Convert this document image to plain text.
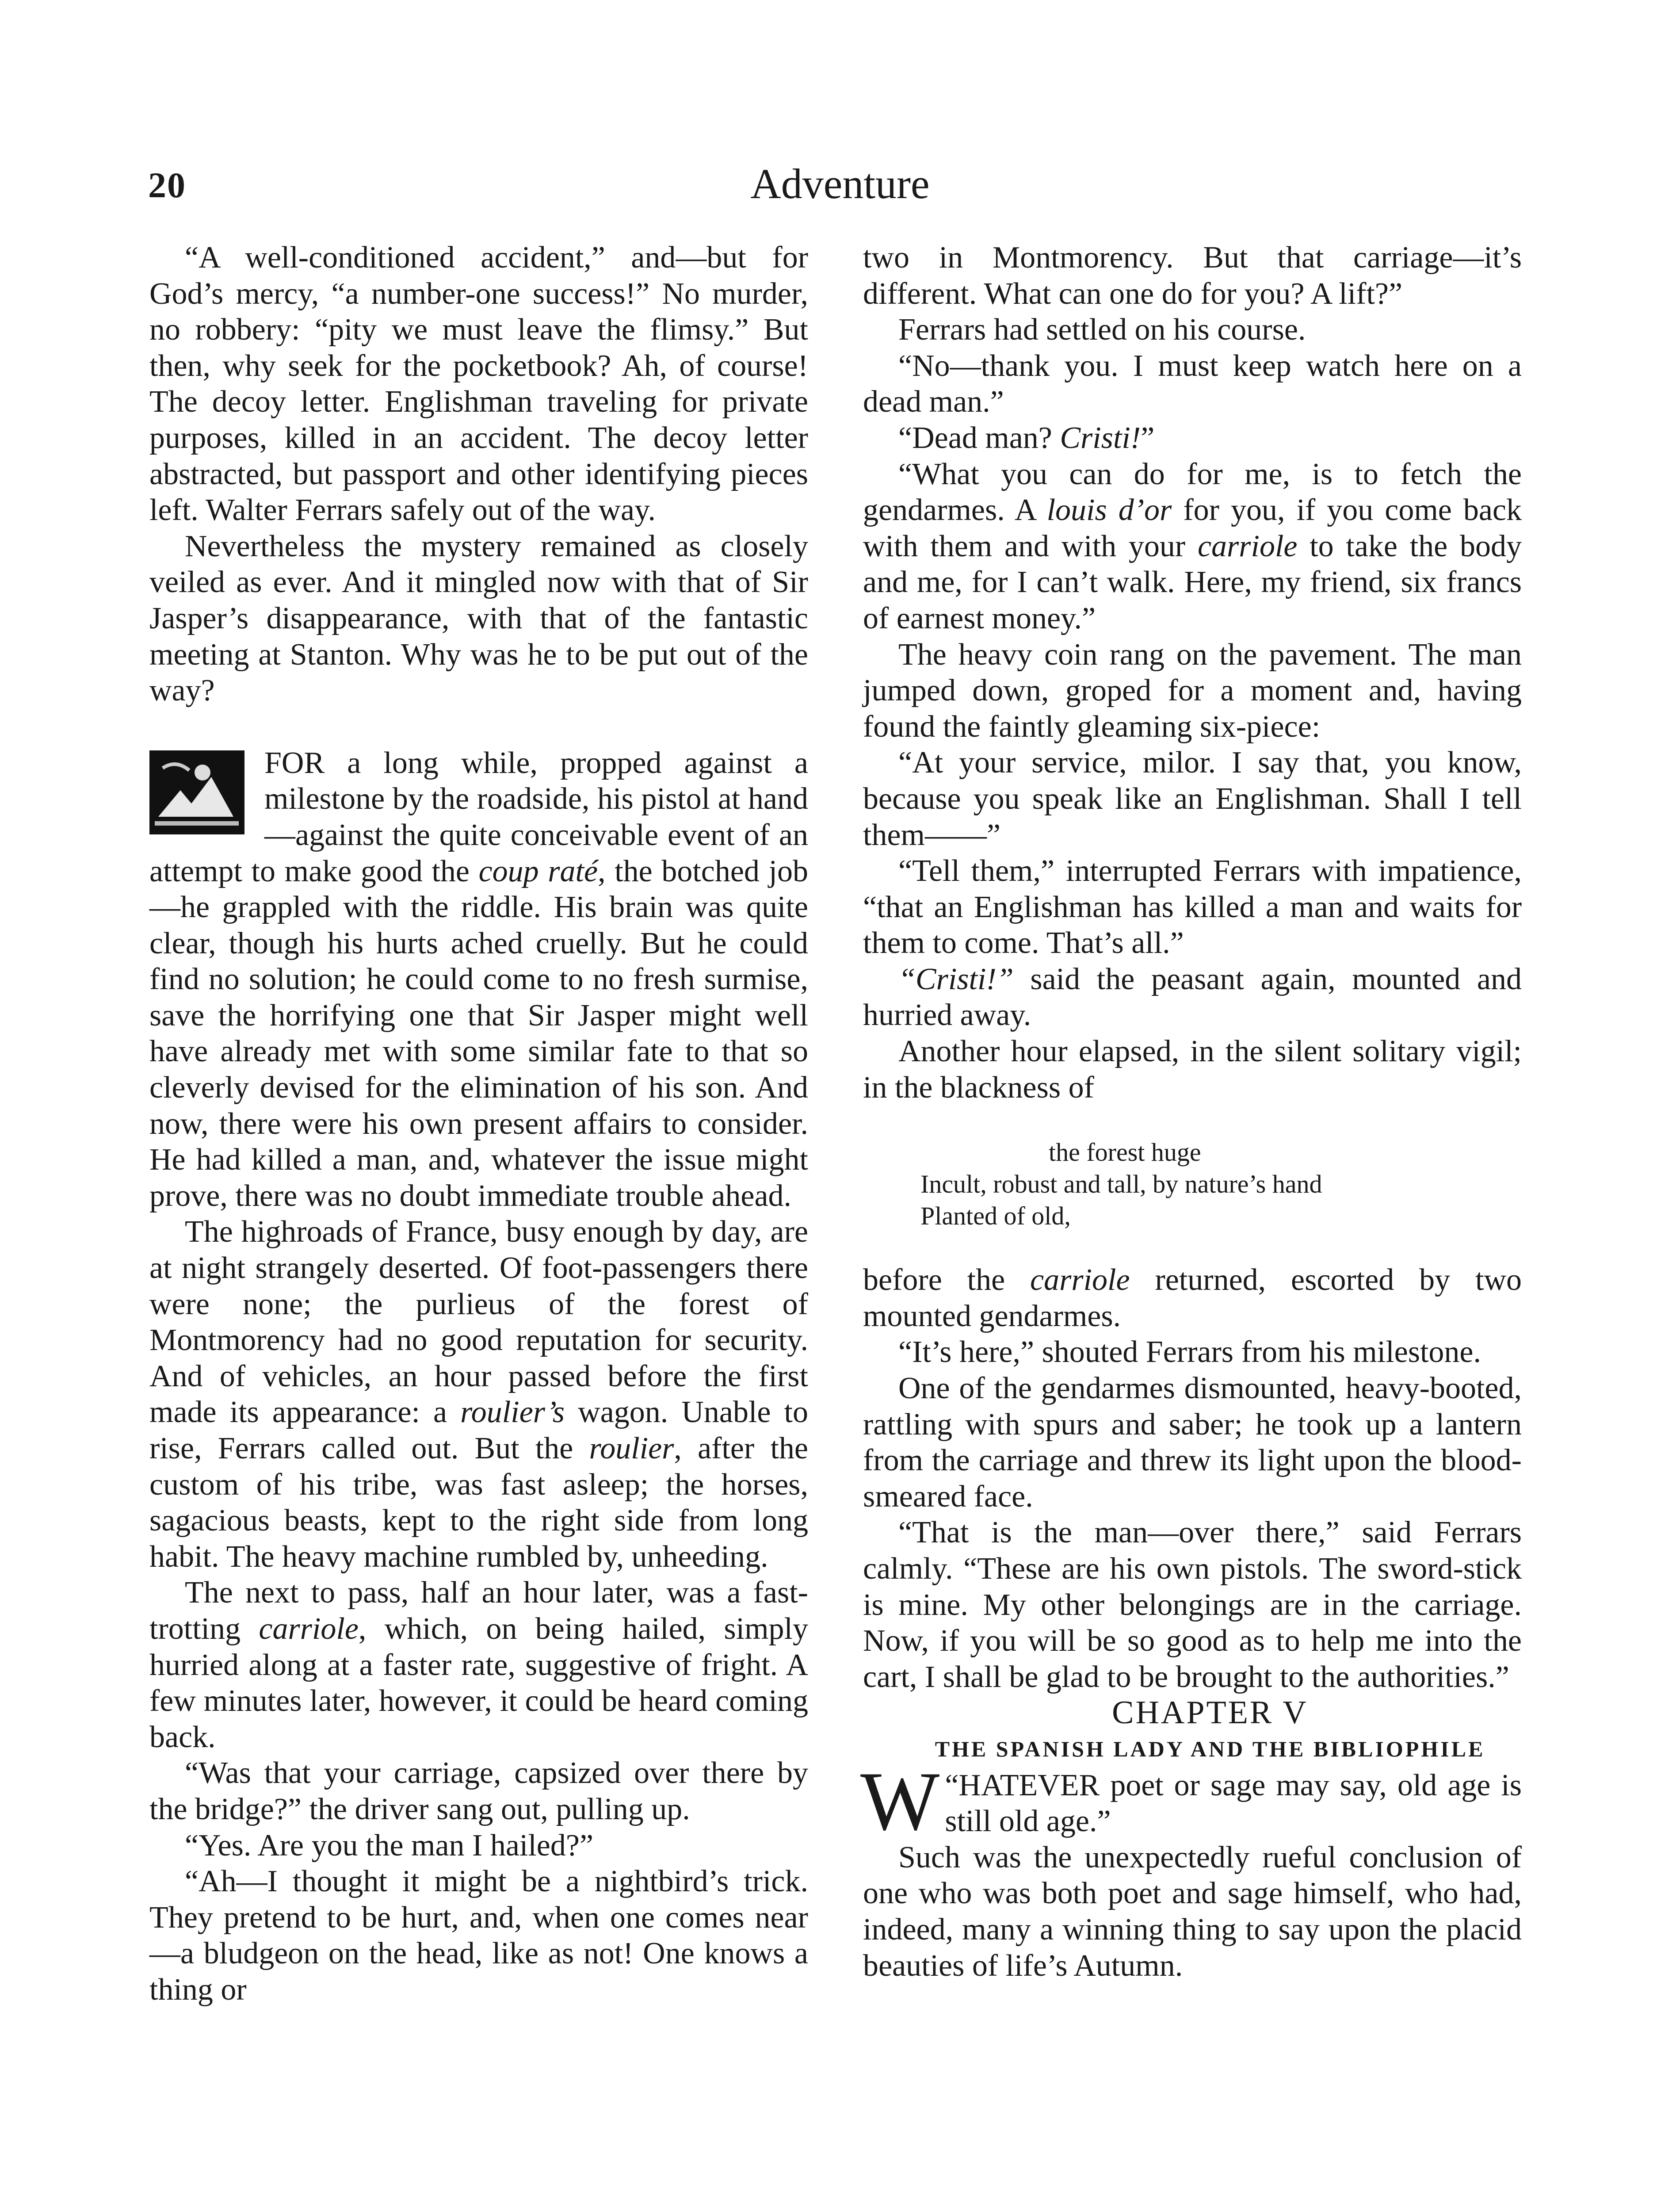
20	Adventure

“A well-conditioned accident,” and—but for God’s mercy, “a number-one success!” No murder, no robbery: “pity we must leave the flimsy.” But then, why seek for the pocketbook? Ah, of course! The decoy letter. Englishman traveling for private purposes, killed in an accident. The decoy letter abstracted, but passport and other identifying pieces left. Walter Ferrars safely out of the way.

Nevertheless the mystery remained as closely veiled as ever. And it mingled now with that of Sir Jasper’s disappearance, with that of the fantastic meeting at Stanton. Why was he to be put out of the way?

FOR a long while, propped against a milestone by the roadside, his pistol at hand—against the quite conceivable event of an attempt to make good the coup raté, the botched job—he grappled with the riddle. His brain was quite clear, though his hurts ached cruelly. But he could find no solution; he could come to no fresh surmise, save the horrifying one that Sir Jasper might well have already met with some similar fate to that so cleverly devised for the elimination of his son. And now, there were his own present affairs to consider. He had killed a man, and, whatever the issue might prove, there was no doubt immediate trouble ahead.

The highroads of France, busy enough by day, are at night strangely deserted. Of foot-passengers there were none; the purlieus of the forest of Montmorency had no good reputation for security. And of vehicles, an hour passed before the first made its appearance: a roulier’s wagon. Unable to rise, Ferrars called out. But the roulier, after the custom of his tribe, was fast asleep; the horses, sagacious beasts, kept to the right side from long habit. The heavy machine rumbled by, unheeding.

The next to pass, half an hour later, was a fast-trotting carriole, which, on being hailed, simply hurried along at a faster rate, suggestive of fright. A few minutes later, however, it could be heard coming back.

“Was that your carriage, capsized over there by the bridge?” the driver sang out, pulling up.

“Yes. Are you the man I hailed?”

“Ah—I thought it might be a nightbird’s trick. They pretend to be hurt, and, when one comes near—a bludgeon on the head, like as not! One knows a thing or

two in Montmorency. But that carriage—it’s different. What can one do for you? A lift?”

Ferrars had settled on his course.

“No—thank you. I must keep watch here on a dead man.”

“Dead man? Cristi!”

“What you can do for me, is to fetch the gendarmes. A louis d’or for you, if you come back with them and with your carriole to take the body and me, for I can’t walk. Here, my friend, six francs of earnest money.”

The heavy coin rang on the pavement. The man jumped down, groped for a moment and, having found the faintly gleaming six-piece:

“At your service, milor. I say that, you know, because you speak like an Englishman. Shall I tell them——”

“Tell them,” interrupted Ferrars with impatience, “that an Englishman has killed a man and waits for them to come. That’s all.”

“Cristi!” said the peasant again, mounted and hurried away.

Another hour elapsed, in the silent solitary vigil; in the blackness of

the forest huge
Incult, robust and tall, by nature’s hand
Planted of old,

before the carriole returned, escorted by two mounted gendarmes.

“It’s here,” shouted Ferrars from his milestone.

One of the gendarmes dismounted, heavy-booted, rattling with spurs and saber; he took up a lantern from the carriage and threw its light upon the blood-smeared face.

“That is the man—over there,” said Ferrars calmly. “These are his own pistols. The sword-stick is mine. My other belongings are in the carriage. Now, if you will be so good as to help me into the cart, I shall be glad to be brought to the authorities.”

CHAPTER V

THE SPANISH LADY AND THE BIBLIOPHILE

“
W HATEVER poet or sage may say, old age is still old age.”

Such was the unexpectedly rueful conclusion of one who was both poet and sage himself, who had, indeed, many a winning thing to say upon the placid beauties of life’s Autumn.
